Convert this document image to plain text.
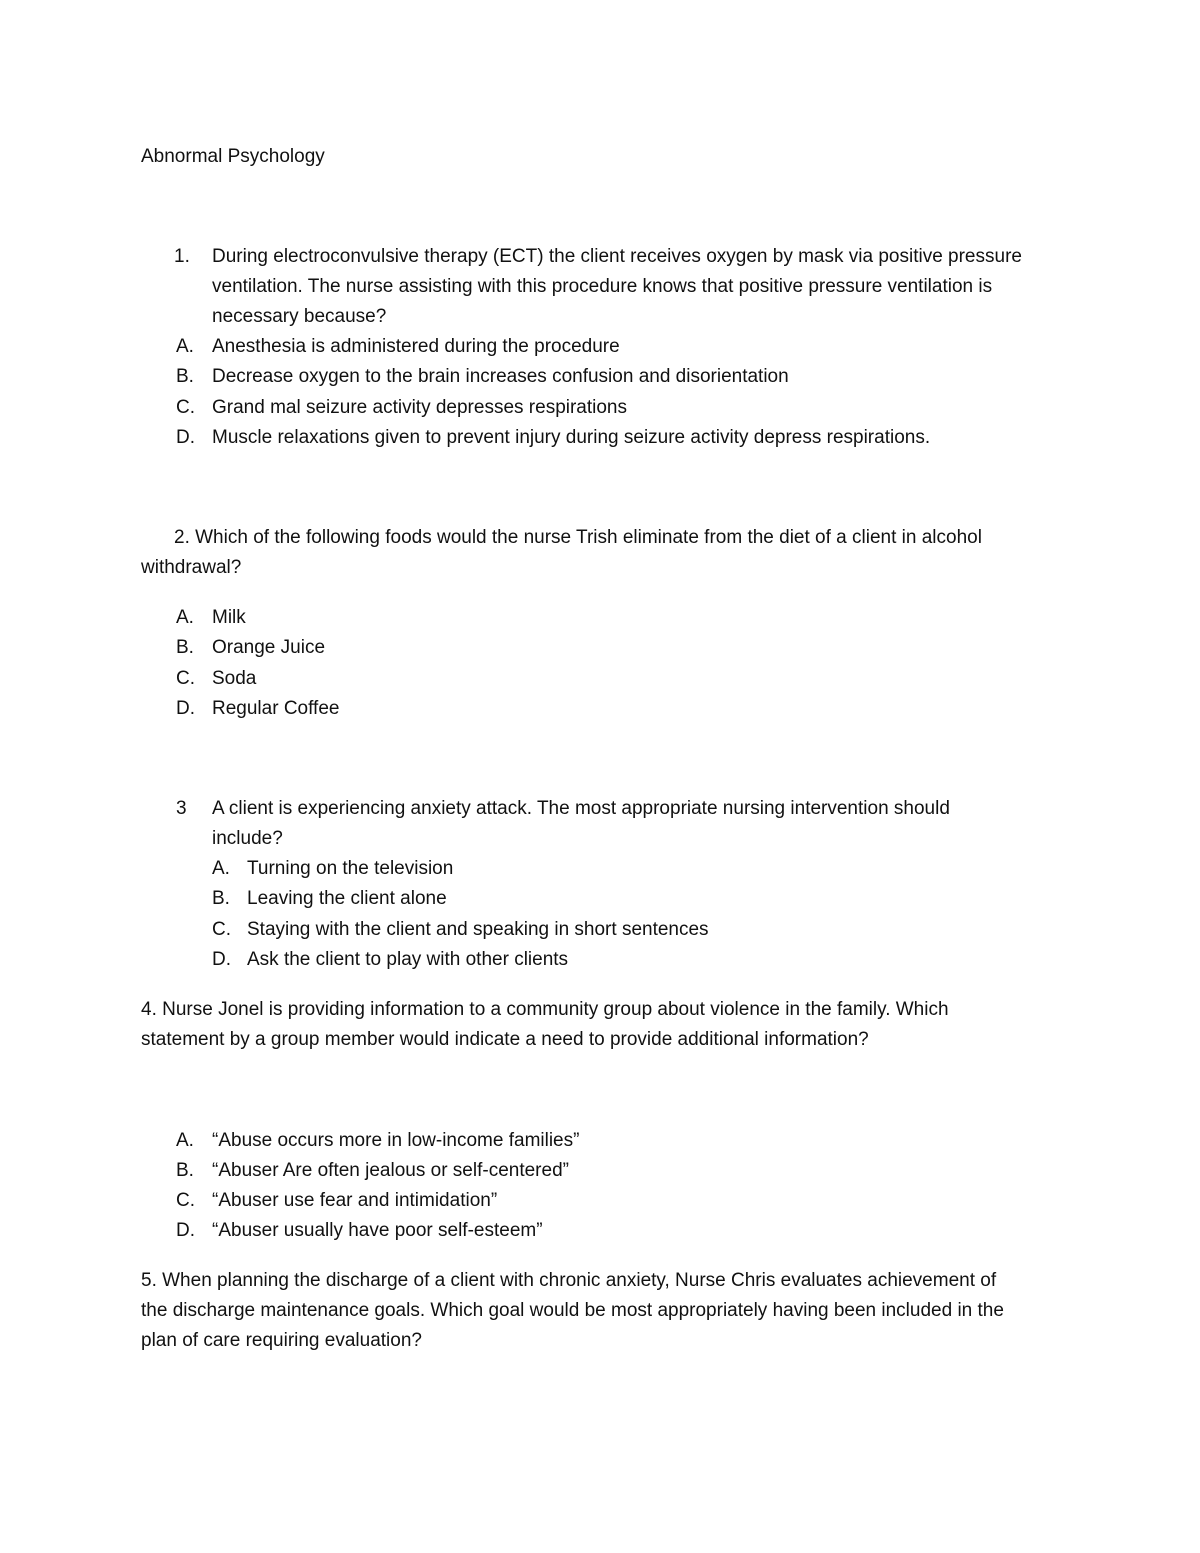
Abnormal Psychology
1. During electroconvulsive therapy (ECT) the client receives oxygen by mask via positive pressure
ventilation. The nurse assisting with this procedure knows that positive pressure ventilation is
necessary because?
A. Anesthesia is administered during the procedure
B. Decrease oxygen to the brain increases confusion and disorientation
C. Grand mal seizure activity depresses respirations
D. Muscle relaxations given to prevent injury during seizure activity depress respirations.
2. Which of the following foods would the nurse Trish eliminate from the diet of a client in alcohol
withdrawal?
A. Milk
B. Orange Juice
C. Soda
D. Regular Coffee
3 A client is experiencing anxiety attack. The most appropriate nursing intervention should
include?
A. Turning on the television
B. Leaving the client alone
C. Staying with the client and speaking in short sentences
D. Ask the client to play with other clients
4. Nurse Jonel is providing information to a community group about violence in the family. Which
statement by a group member would indicate a need to provide additional information?
A. “Abuse occurs more in low-income families”
B. “Abuser Are often jealous or self-centered”
C. “Abuser use fear and intimidation”
D. “Abuser usually have poor self-esteem”
5. When planning the discharge of a client with chronic anxiety, Nurse Chris evaluates achievement of
the discharge maintenance goals. Which goal would be most appropriately having been included in the
plan of care requiring evaluation?
